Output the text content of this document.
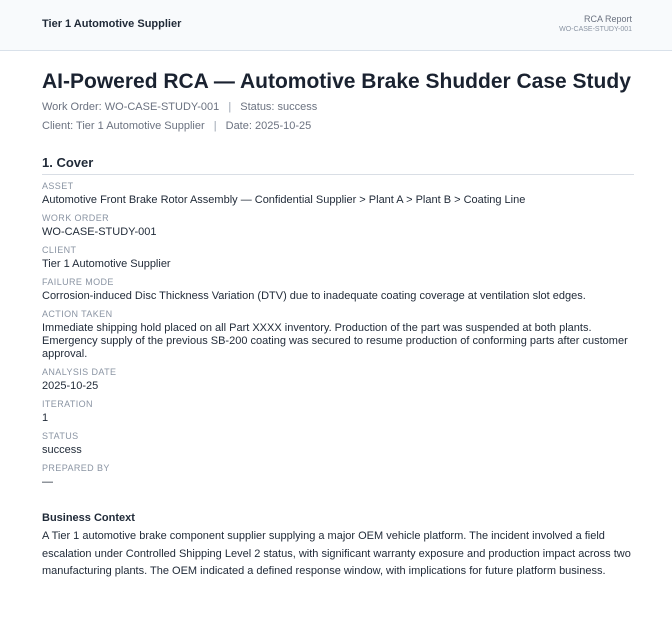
Tier 1 Automotive Supplier	RCA Report
WO-CASE-STUDY-001
AI-Powered RCA — Automotive Brake Shudder Case Study
Work Order: WO-CASE-STUDY-001 | Status: success
Client: Tier 1 Automotive Supplier | Date: 2025-10-25
1. Cover
ASSET
Automotive Front Brake Rotor Assembly — Confidential Supplier > Plant A > Plant B > Coating Line
WORK ORDER
WO-CASE-STUDY-001
CLIENT
Tier 1 Automotive Supplier
FAILURE MODE
Corrosion-induced Disc Thickness Variation (DTV) due to inadequate coating coverage at ventilation slot edges.
ACTION TAKEN
Immediate shipping hold placed on all Part XXXX inventory. Production of the part was suspended at both plants. Emergency supply of the previous SB-200 coating was secured to resume production of conforming parts after customer approval.
ANALYSIS DATE
2025-10-25
ITERATION
1
STATUS
success
PREPARED BY
—
Business Context
A Tier 1 automotive brake component supplier supplying a major OEM vehicle platform. The incident involved a field escalation under Controlled Shipping Level 2 status, with significant warranty exposure and production impact across two manufacturing plants. The OEM indicated a defined response window, with implications for future platform business.
